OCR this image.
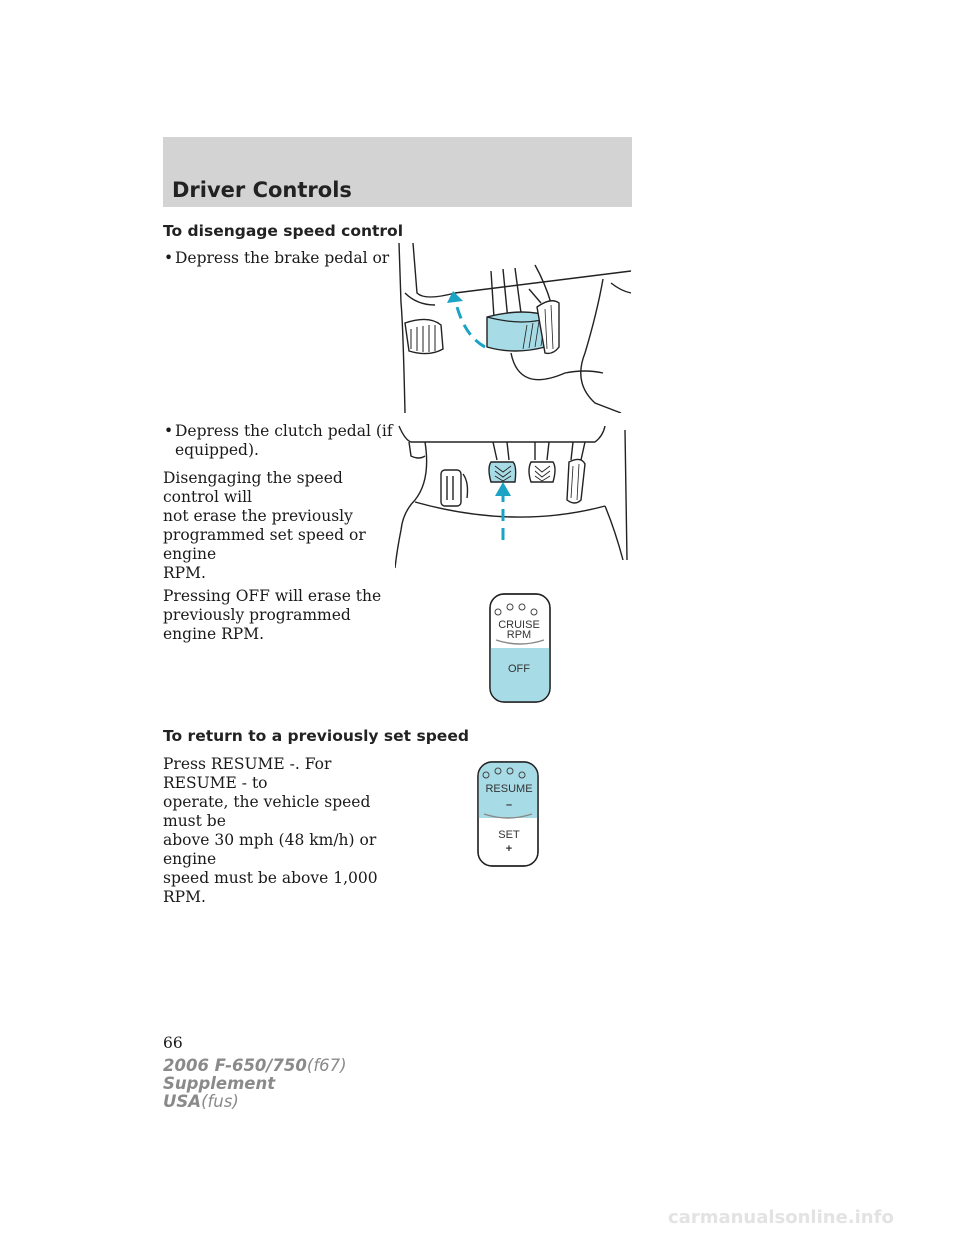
Driver Controls
To disengage speed control
• Depress the brake pedal or
• Depress the clutch pedal (if
equipped).
Disengaging the speed control will
not erase the previously
programmed set speed or engine
RPM.
Pressing OFF will erase the
previously programmed engine RPM.
To return to a previously set speed
Press RESUME -. For RESUME - to
operate, the vehicle speed must be
above 30 mph (48 km/h) or engine
speed must be above 1,000 RPM.
CRUISE
RPM
OFF
RESUME
–
SET
+
66
2006 F-650/750(f67)
Supplement
USA(fus)
carmanualsonline.info
